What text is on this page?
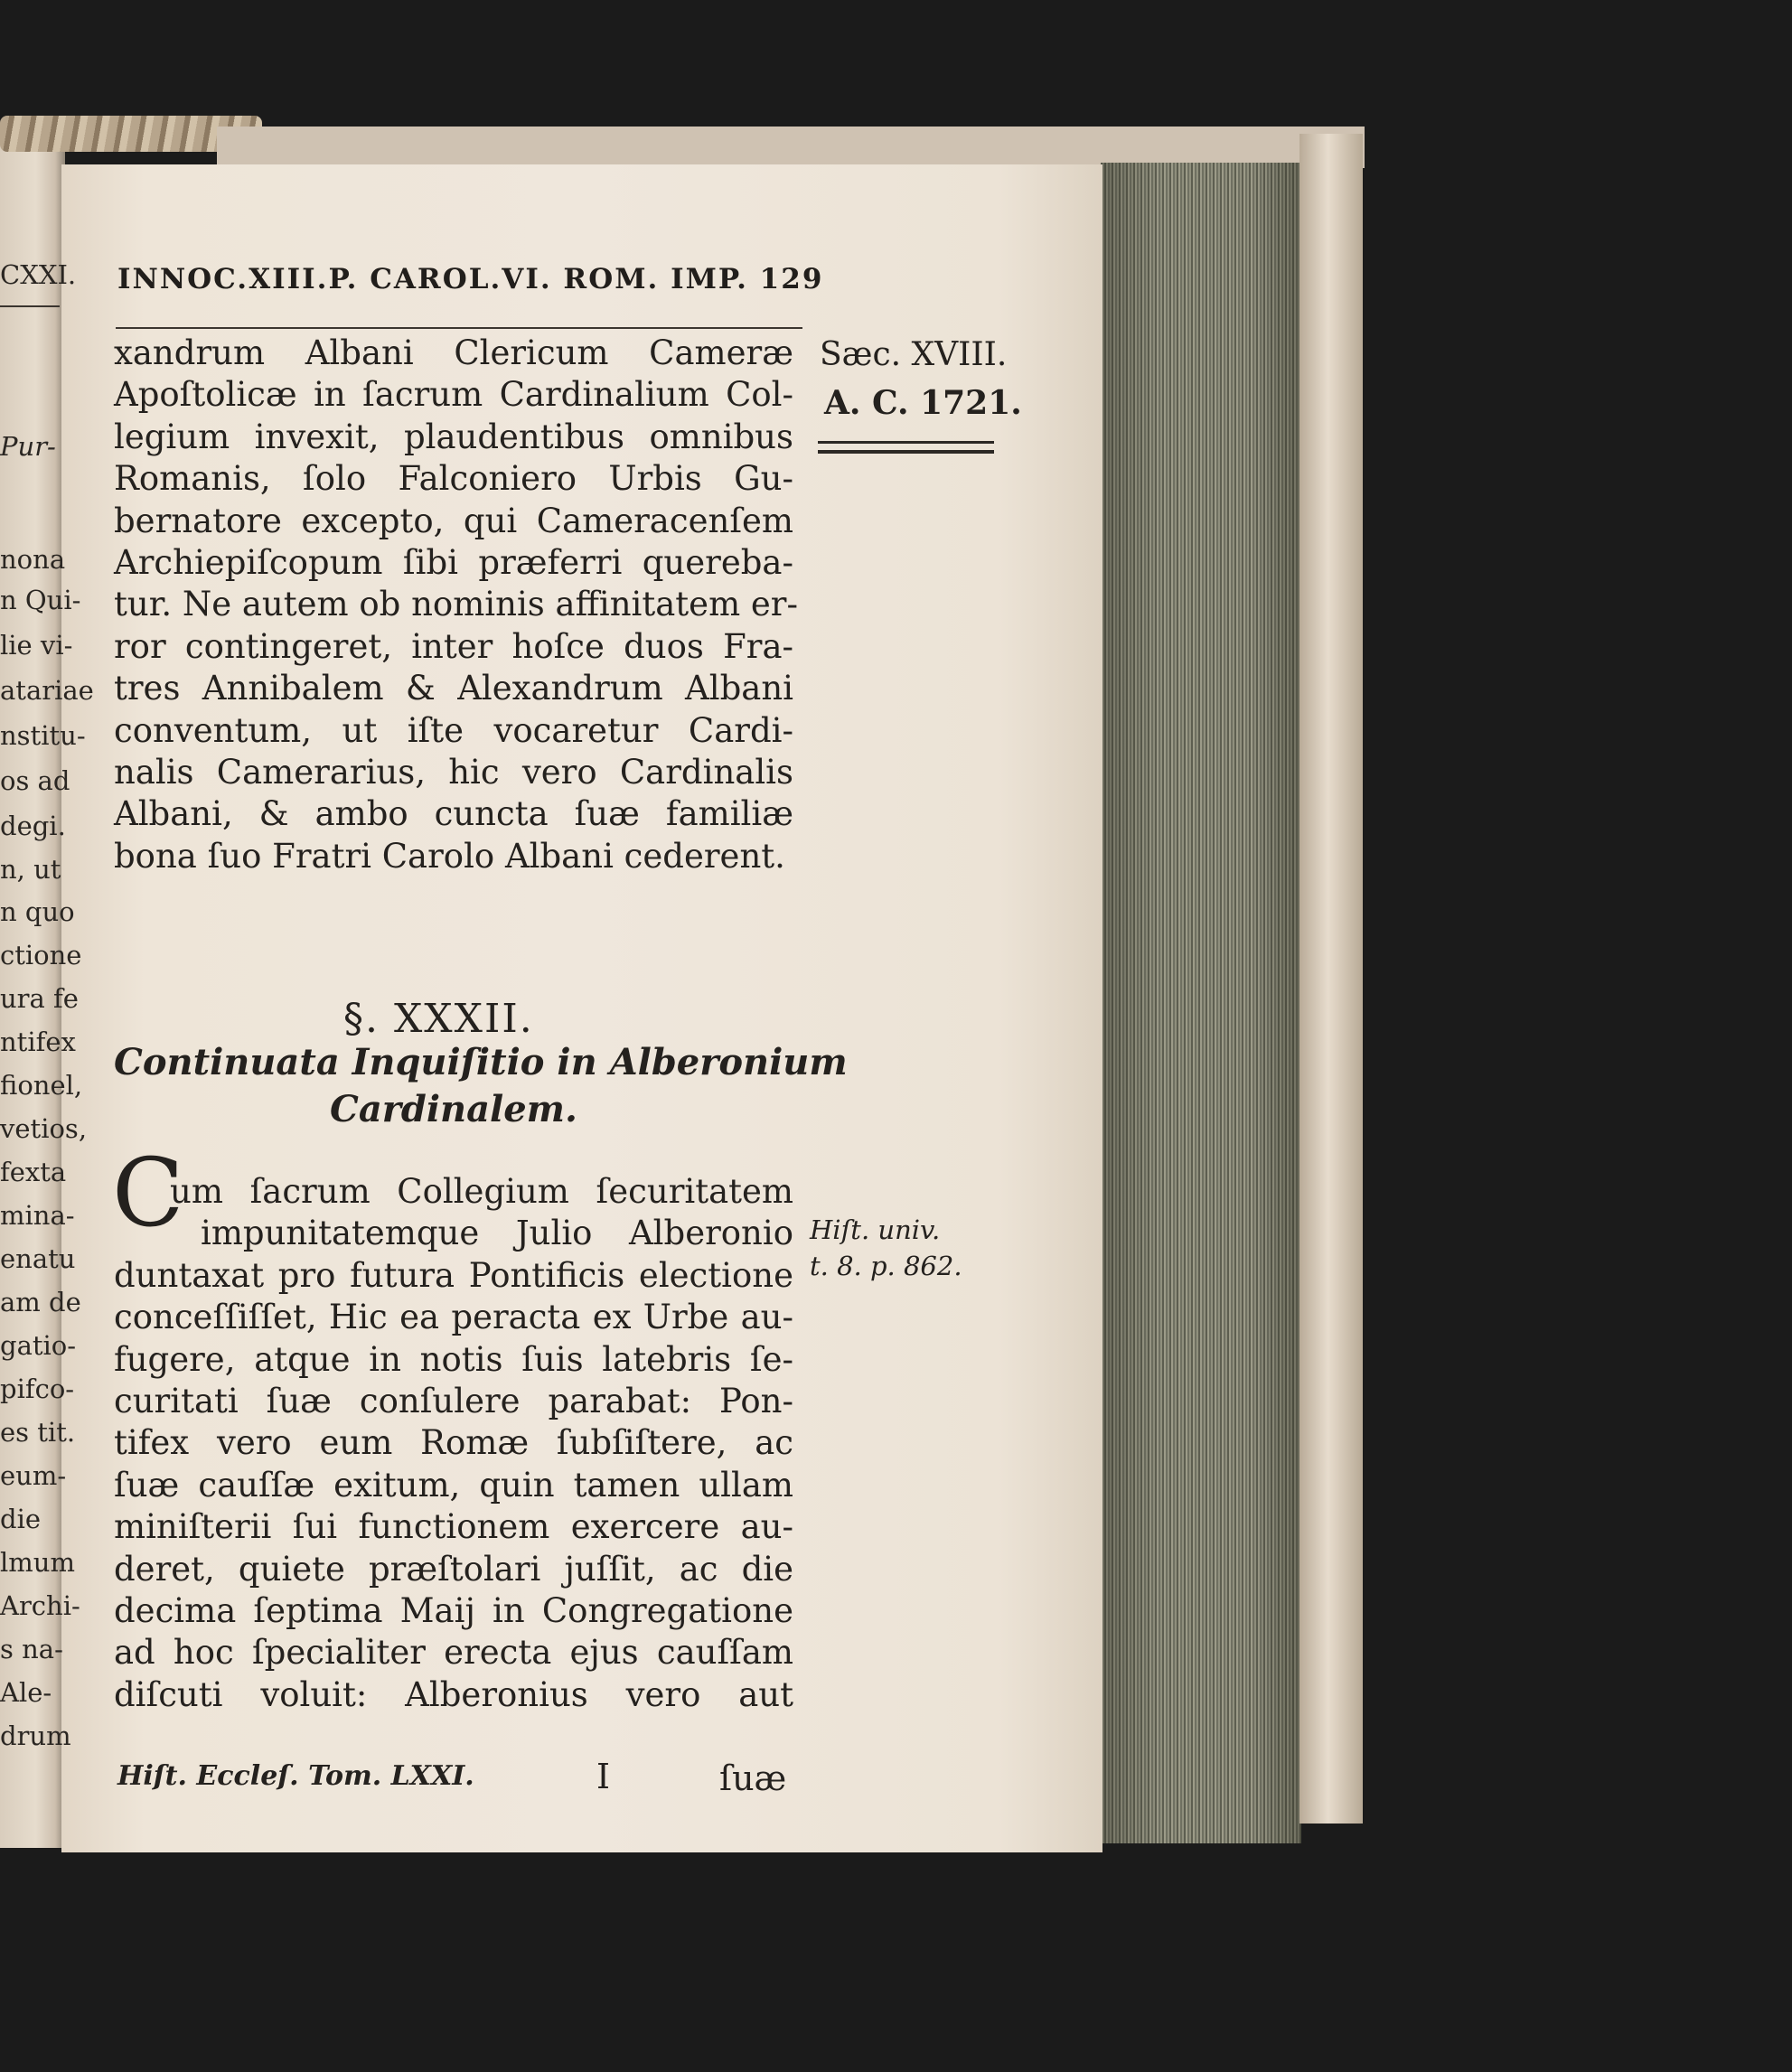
CXXI.
Pur-
nona
n Qui-
lie vi-
atariae
nstitu-
os ad
degi.
n, ut
n quo
ctione
ura fe
ntifex
fionel,
vetios,
fexta
mina-
enatu
am de
gatio-
pifco-
es tit.
eum-
die
lmum
Archi-
s na-
Ale-
drum
INNOC.XIII.P. CAROL.VI. ROM. IMP. 129
xandrum Albani Clericum Cameræ
Apoſtolicæ in ſacrum Cardinalium Col-
legium invexit, plaudentibus omnibus
Romanis, ſolo Falconiero Urbis Gu-
bernatore excepto, qui Cameracenſem
Archiepiſcopum ſibi præferri quereba-
tur. Ne autem ob nominis affinitatem er-
ror contingeret, inter hoſce duos Fra-
tres Annibalem & Alexandrum Albani
conventum, ut iſte vocaretur Cardi-
nalis Camerarius, hic vero Cardinalis
Albani, & ambo cuncta ſuæ familiæ
bona ſuo Fratri Carolo Albani cederent.
Sæc. XVIII.
A. C. 1721.
§. XXXII.
Continuata Inquiſitio in Alberonium
Cardinalem.
C
um ſacrum Collegium ſecuritatem
impunitatemque Julio Alberonio
duntaxat pro futura Pontificis electione
conceſſiſſet, Hic ea peracta ex Urbe au-
fugere, atque in notis ſuis latebris ſe-
curitati ſuæ conſulere parabat: Pon-
tifex vero eum Romæ ſubſiſtere, ac
ſuæ cauſſæ exitum, quin tamen ullam
miniſterii ſui functionem exercere au-
deret, quiete præſtolari juſſit, ac die
decima ſeptima Maij in Congregatione
ad hoc ſpecialiter erecta ejus cauſſam
diſcuti voluit: Alberonius vero aut
Hiſt. univ.
t. 8. p. 862.
Hiſt. Eccleſ. Tom. LXXI.	I	ſuæ
